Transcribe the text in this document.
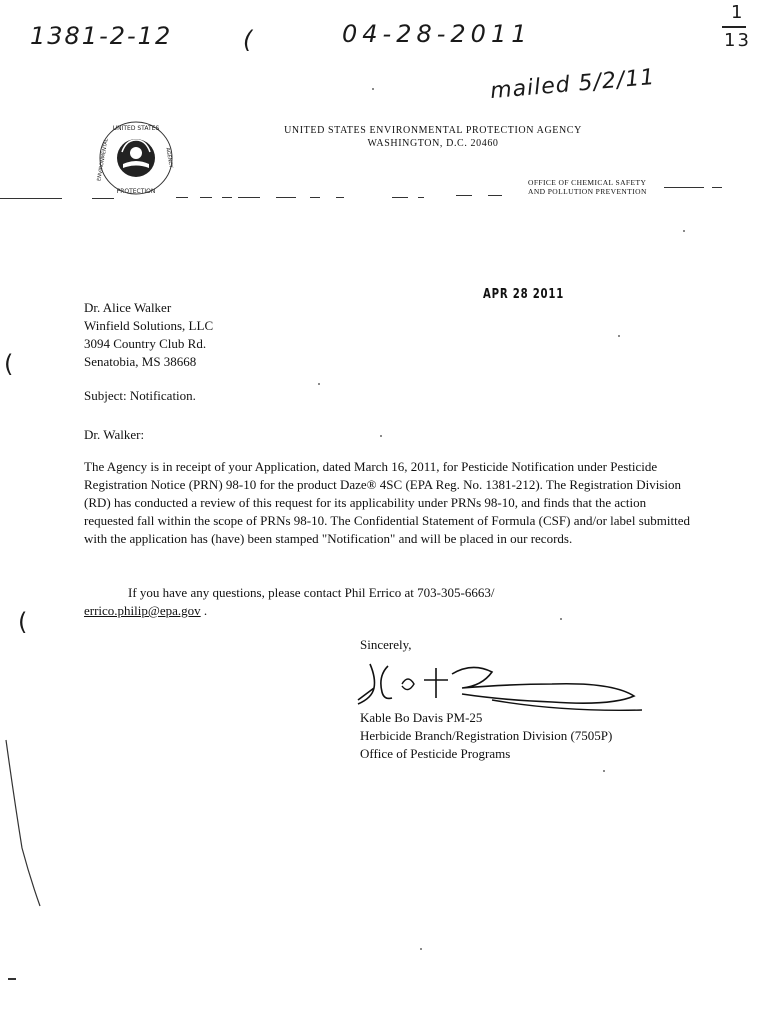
1381-2-12	(	04-28-2011
mailed 5/2/11
1
13
UNITED STATES
PROTECTION
ENVIRONMENTAL	AGENCY
UNITED STATES ENVIRONMENTAL PROTECTION AGENCY
WASHINGTON, D.C. 20460
OFFICE OF CHEMICAL SAFETY
AND POLLUTION PREVENTION
APR 28 2011
Dr. Alice Walker
Winfield Solutions, LLC
3094 Country Club Rd.
Senatobia, MS 38668
Subject: Notification.
Dr. Walker:
The Agency is in receipt of your Application, dated March 16, 2011, for Pesticide Notification under Pesticide Registration Notice (PRN) 98-10 for the product Daze® 4SC (EPA Reg. No. 1381-212). The Registration Division (RD) has conducted a review of this request for its applicability under PRNs 98-10, and finds that the action requested fall within the scope of PRNs 98-10. The Confidential Statement of Formula (CSF) and/or label submitted with the application has (have) been stamped "Notification" and will be placed in our records.
If you have any questions, please contact Phil Errico at 703-305-6663/
errico.philip@epa.gov .
Sincerely,
Kable Bo Davis PM-25
Herbicide Branch/Registration Division (7505P)
Office of Pesticide Programs
(
(
